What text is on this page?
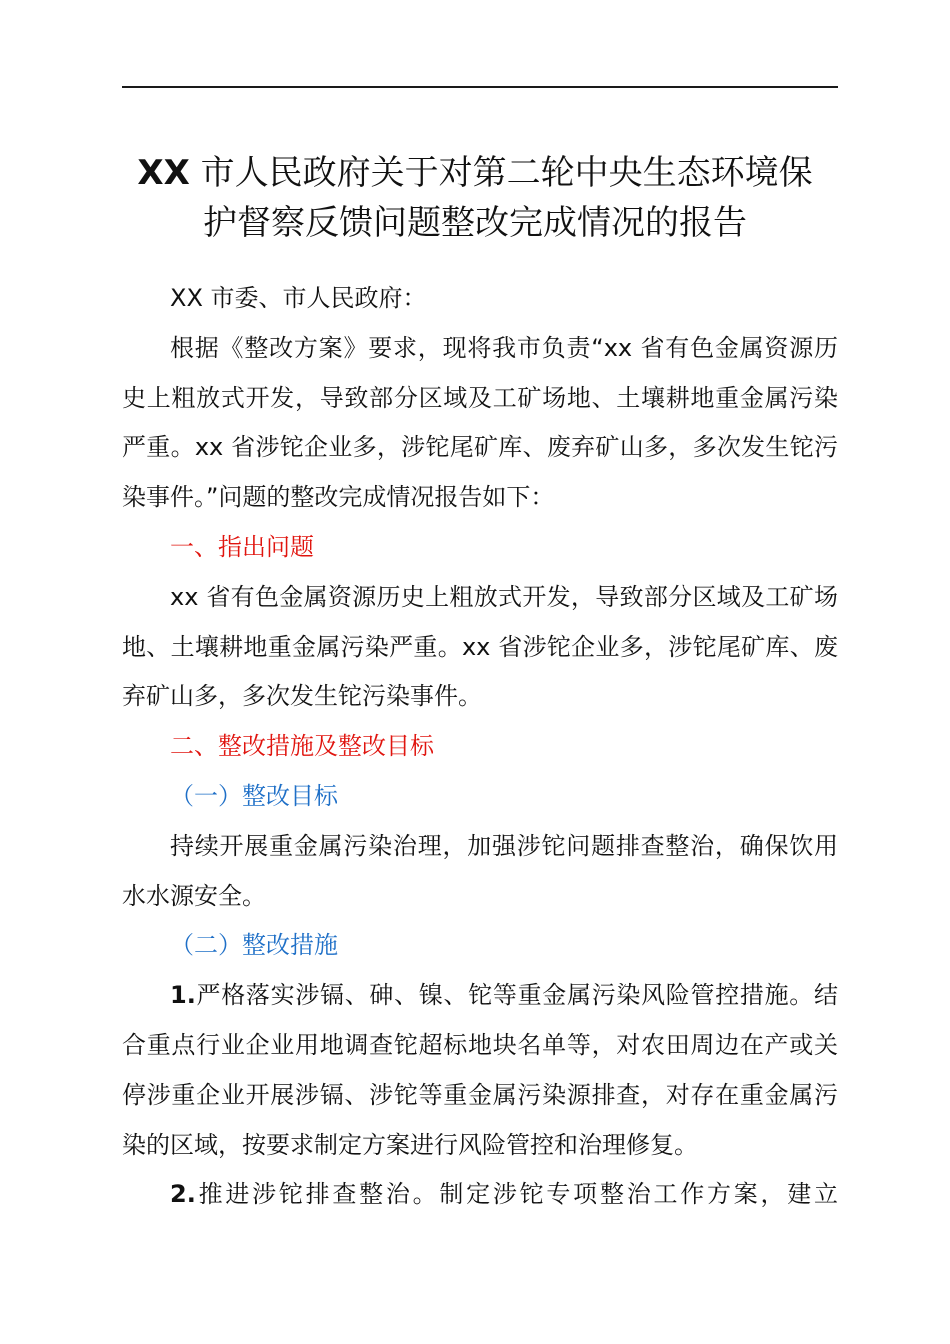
XX 市人民政府关于对第二轮中央生态环境保
护督察反馈问题整改完成情况的报告

XX 市委、市人民政府：

根据《整改方案》要求，现将我市负责“xx 省有色金属资源历史上粗放式开发，导致部分区域及工矿场地、土壤耕地重金属污染严重。xx 省涉铊企业多，涉铊尾矿库、废弃矿山多，多次发生铊污染事件。”问题的整改完成情况报告如下：

一、指出问题

xx 省有色金属资源历史上粗放式开发，导致部分区域及工矿场地、土壤耕地重金属污染严重。xx 省涉铊企业多，涉铊尾矿库、废弃矿山多，多次发生铊污染事件。

二、整改措施及整改目标

（一）整改目标

持续开展重金属污染治理，加强涉铊问题排查整治，确保饮用水水源安全。

（二）整改措施

1.严格落实涉镉、砷、镍、铊等重金属污染风险管控措施。结合重点行业企业用地调查铊超标地块名单等，对农田周边在产或关停涉重企业开展涉镉、涉铊等重金属污染源排查，对存在重金属污染的区域，按要求制定方案进行风险管控和治理修复。

2.推进涉铊排查整治。制定涉铊专项整治工作方案，建立
